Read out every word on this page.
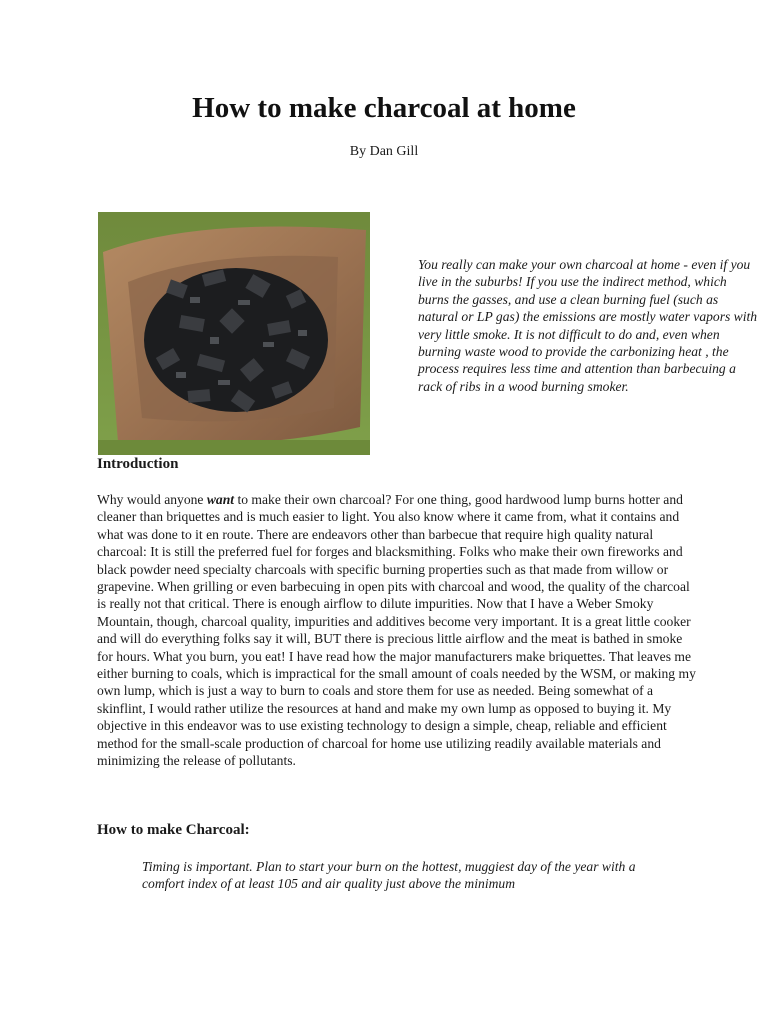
How to make charcoal at home
By Dan Gill
You really can make your own charcoal at home - even if you live in the suburbs! If you use the indirect method, which burns the gasses, and use a clean burning fuel (such as natural or LP gas) the emissions are mostly water vapors with very little smoke. It is not difficult to do and, even when burning waste wood to provide the carbonizing heat , the process requires less time and attention than barbecuing a rack of ribs in a wood burning smoker.
Introduction

Why would anyone want to make their own charcoal? For one thing, good hardwood lump burns hotter and cleaner than briquettes and is much easier to light. You also know where it came from, what it contains and what was done to it en route. There are endeavors other than barbecue that require high quality natural charcoal: It is still the preferred fuel for forges and blacksmithing. Folks who make their own fireworks and black powder need specialty charcoals with specific burning properties such as that made from willow or grapevine. When grilling or even barbecuing in open pits with charcoal and wood, the quality of the charcoal is really not that critical. There is enough airflow to dilute impurities. Now that I have a Weber Smoky Mountain, though, charcoal quality, impurities and additives become very important. It is a great little cooker and will do everything folks say it will, BUT there is precious little airflow and the meat is bathed in smoke for hours. What you burn, you eat! I have read how the major manufacturers make briquettes. That leaves me either burning to coals, which is impractical for the small amount of coals needed by the WSM, or making my own lump, which is just a way to burn to coals and store them for use as needed. Being somewhat of a skinflint, I would rather utilize the resources at hand and make my own lump as opposed to buying it. My objective in this endeavor was to use existing technology to design a simple, cheap, reliable and efficient method for the small-scale production of charcoal for home use utilizing readily available materials and minimizing the release of pollutants.

How to make Charcoal:

Timing is important. Plan to start your burn on the hottest, muggiest day of the year with a comfort index of at least 105 and air quality just above the minimum
